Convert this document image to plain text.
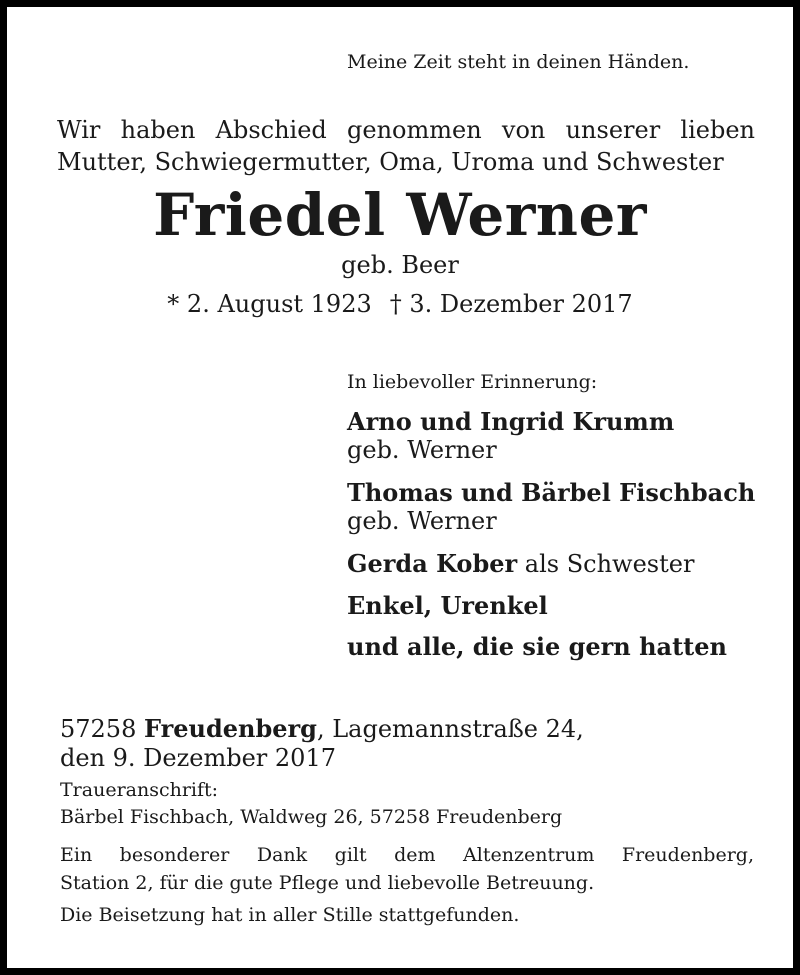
Meine Zeit steht in deinen Händen.

Wir haben Abschied genommen von unserer lieben
Mutter, Schwiegermutter, Oma, Uroma und Schwester
Friedel Werner

geb. Beer

* 2. August 1923 † 3. Dezember 2017

In liebevoller Erinnerung:

Arno und Ingrid Krumm

geb. Werner

Thomas und Bärbel Fischbach

geb. Werner

Gerda Kober als Schwester

Enkel, Urenkel

und alle, die sie gern hatten

57258 Freudenberg, Lagemannstraße 24,

den 9. Dezember 2017

Traueranschrift:

Bärbel Fischbach, Waldweg 26, 57258 Freudenberg

Ein besonderer Dank gilt dem Altenzentrum Freudenberg,
Station 2, für die gute Pflege und liebevolle Betreuung.

Die Beisetzung hat in aller Stille stattgefunden.
